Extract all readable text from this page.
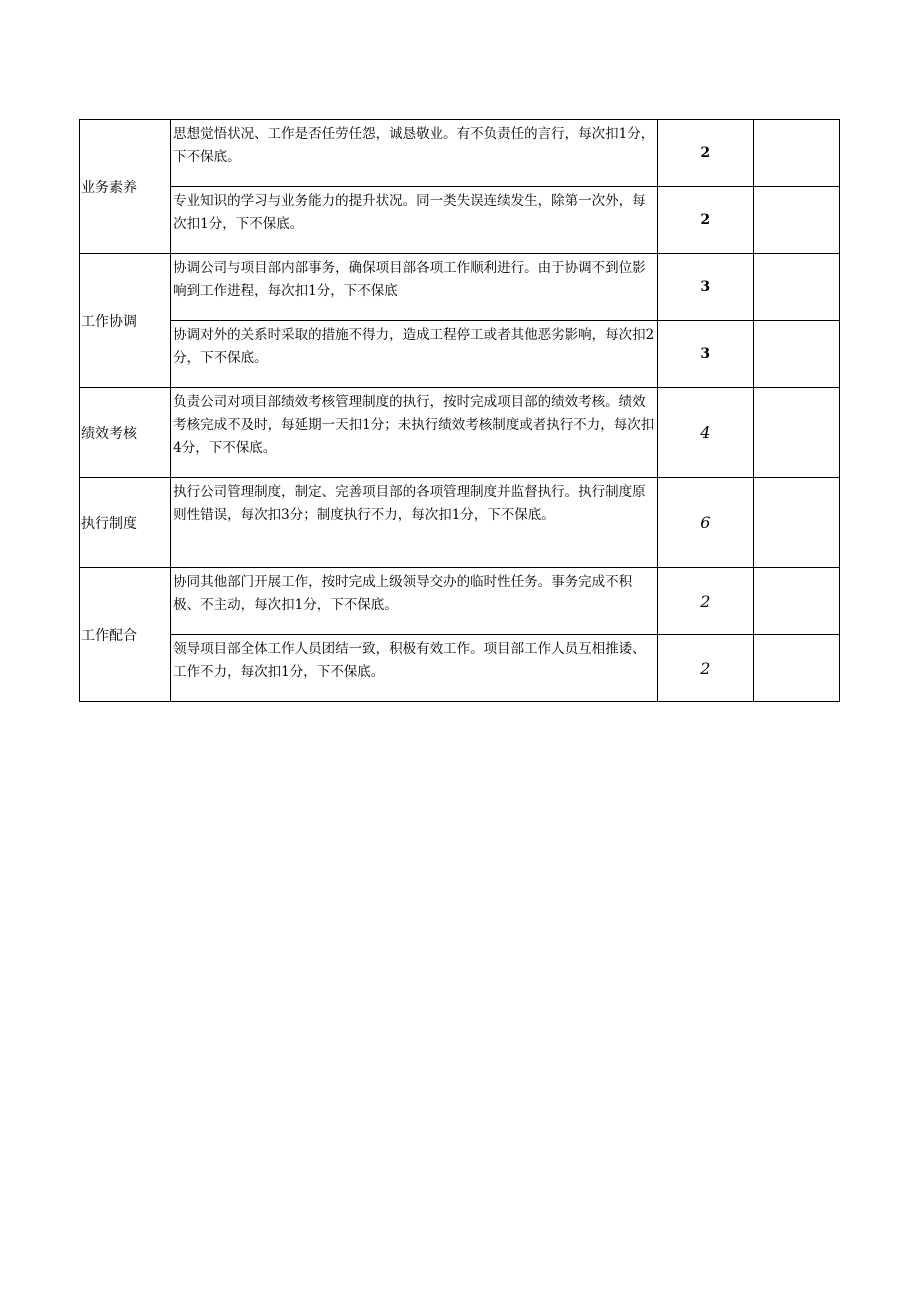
业务素养	思想觉悟状况、工作是否任劳任怨，诚恳敬业。有不负责任的言行，每次扣1分，下不保底。	2	
	专业知识的学习与业务能力的提升状况。同一类失误连续发生，除第一次外，每次扣1分，下不保底。	2	
工作协调	协调公司与项目部内部事务，确保项目部各项工作顺利进行。由于协调不到位影响到工作进程，每次扣1分，下不保底	3	
	协调对外的关系时采取的措施不得力，造成工程停工或者其他恶劣影响，每次扣2分，下不保底。	3	
绩效考核	负责公司对项目部绩效考核管理制度的执行，按时完成项目部的绩效考核。绩效考核完成不及时，每延期一天扣1分；未执行绩效考核制度或者执行不力，每次扣4分，下不保底。	4	
执行制度	执行公司管理制度，制定、完善项目部的各项管理制度并监督执行。执行制度原则性错误，每次扣3分；制度执行不力，每次扣1分，下不保底。	6	
工作配合	协同其他部门开展工作，按时完成上级领导交办的临时性任务。事务完成不积极、不主动，每次扣1分，下不保底。	2	
	领导项目部全体工作人员团结一致，积极有效工作。项目部工作人员互相推诿、工作不力，每次扣1分，下不保底。	2	
